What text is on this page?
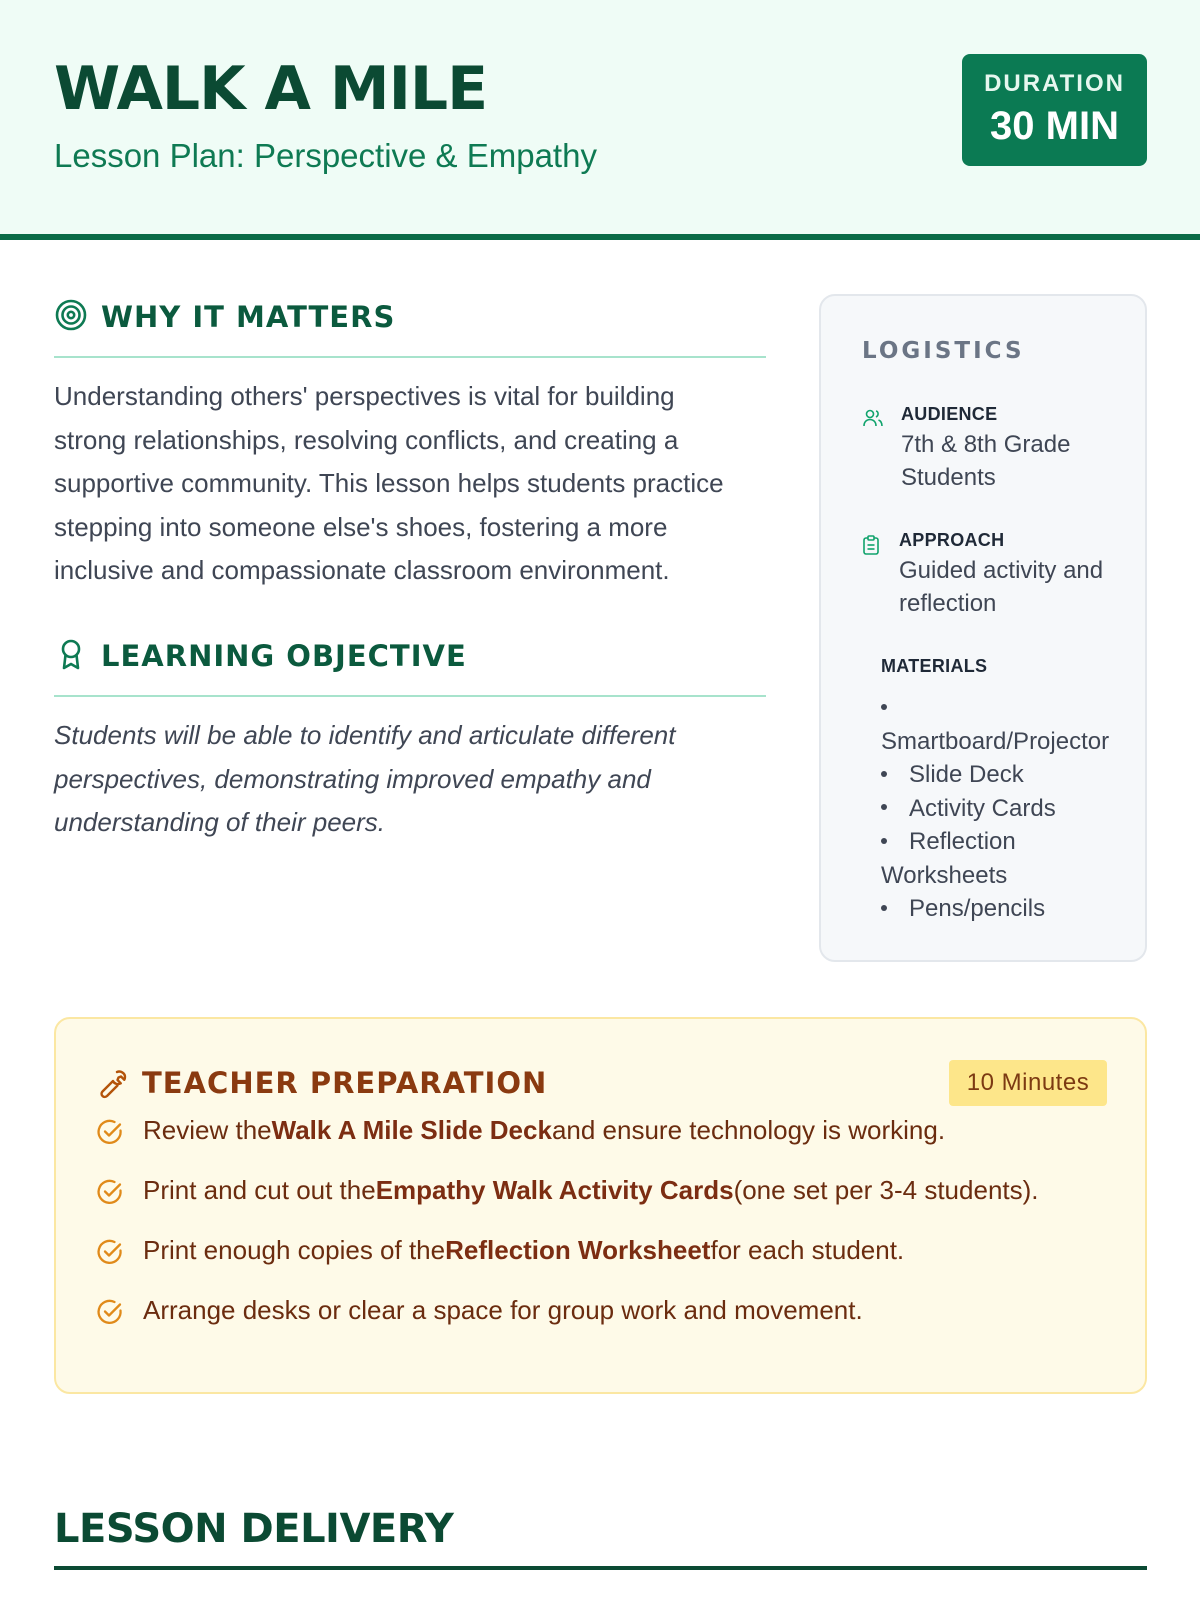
WALK A MILE
Lesson Plan: Perspective & Empathy
DURATION
30 MIN
WHY IT MATTERS
Understanding others' perspectives is vital for building
strong relationships, resolving conflicts, and creating a
supportive community. This lesson helps students practice
stepping into someone else's shoes, fostering a more
inclusive and compassionate classroom environment.
LEARNING OBJECTIVE
Students will be able to identify and articulate different
perspectives, demonstrating improved empathy and
understanding of their peers.
LOGISTICS
AUDIENCE
7th & 8th Grade
Students
APPROACH
Guided activity and
reflection
MATERIALS

Smartboard/Projector
Slide Deck
Activity Cards
Reflection
Worksheets
Pens/pencils
TEACHER PREPARATION	10 Minutes
Review theWalk A Mile Slide Deckand ensure technology is working.
Print and cut out theEmpathy Walk Activity Cards(one set per 3-4 students).
Print enough copies of theReflection Worksheetfor each student.
Arrange desks or clear a space for group work and movement.
LESSON DELIVERY
